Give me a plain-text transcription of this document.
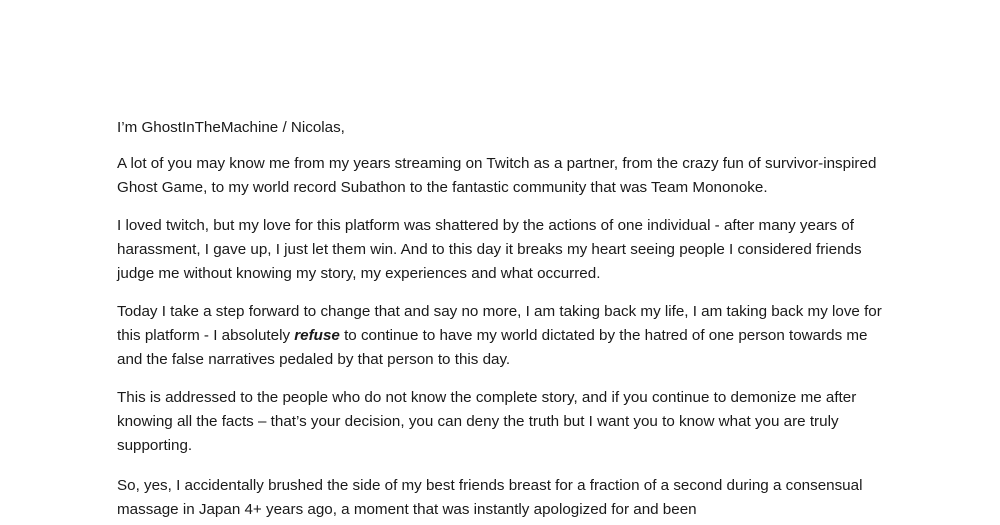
I’m GhostInTheMachine / Nicolas,

A lot of you may know me from my years streaming on Twitch as a partner, from the crazy fun of survivor-inspired Ghost Game, to my world record Subathon to the fantastic community that was Team Mononoke.

I loved twitch, but my love for this platform was shattered by the actions of one individual - after many years of harassment, I gave up, I just let them win. And to this day it breaks my heart seeing people I considered friends judge me without knowing my story, my experiences and what occurred.

Today I take a step forward to change that and say no more, I am taking back my life, I am taking back my love for this platform - I absolutely refuse to continue to have my world dictated by the hatred of one person towards me and the false narratives pedaled by that person to this day.

This is addressed to the people who do not know the complete story, and if you continue to demonize me after knowing all the facts – that’s your decision, you can deny the truth but I want you to know what you are truly supporting.

So, yes, I accidentally brushed the side of my best friends breast for a fraction of a second during a consensual massage in Japan 4+ years ago, a moment that was instantly apologized for and been
